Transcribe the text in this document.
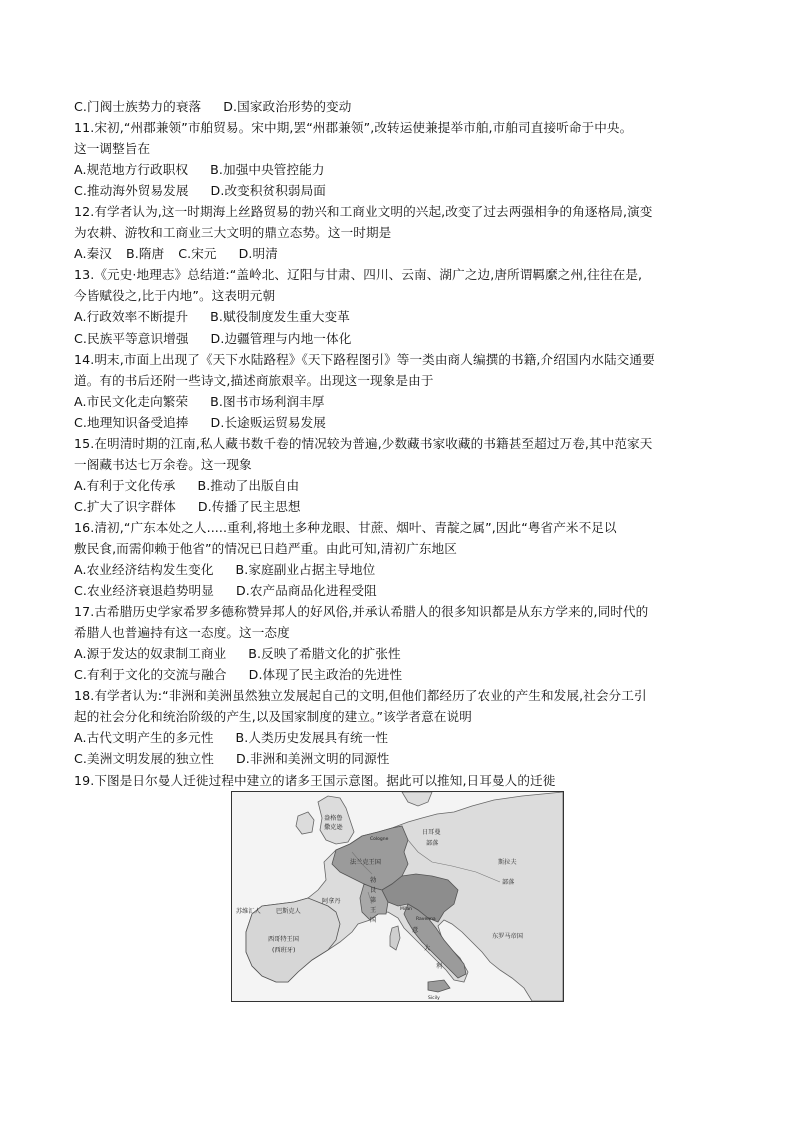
C.门阀士族势力的衰落 D.国家政治形势的变动
11.宋初,“州郡兼领”市舶贸易。宋中期,罢“州郡兼领”,改转运使兼提举市舶,市舶司直接听命于中央。
这一调整旨在
A.规范地方行政职权 B.加强中央管控能力
C.推动海外贸易发展 D.改变积贫积弱局面
12.有学者认为,这一时期海上丝路贸易的勃兴和工商业文明的兴起,改变了过去两强相争的角逐格局,演变
为农耕、游牧和工商业三大文明的鼎立态势。这一时期是
A.秦汉 B.隋唐 C.宋元 D.明清
13.《元史·地理志》总结道:“盖岭北、辽阳与甘肃、四川、云南、湖广之边,唐所谓羁縻之州,往往在是,
今皆赋役之,比于内地”。这表明元朝
A.行政效率不断提升 B.赋役制度发生重大变革
C.民族平等意识增强 D.边疆管理与内地一体化
14.明末,市面上出现了《天下水陆路程》《天下路程图引》等一类由商人编撰的书籍,介绍国内水陆交通要
道。有的书后还附一些诗文,描述商旅艰辛。出现这一现象是由于
A.市民文化走向繁荣 B.图书市场利润丰厚
C.地理知识备受追捧 D.长途贩运贸易发展
15.在明清时期的江南,私人藏书数千卷的情况较为普遍,少数藏书家收藏的书籍甚至超过万卷,其中范家天
一阁藏书达七万余卷。这一现象
A.有利于文化传承 B.推动了出版自由
C.扩大了识字群体 D.传播了民主思想
16.清初,“广东本处之人.....重利,将地土多种龙眼、甘蔗、烟叶、青靛之属”,因此“粤省产米不足以
敷民食,而需仰赖于他省”的情况已日趋严重。由此可知,清初广东地区
A.农业经济结构发生变化 B.家庭副业占据主导地位
C.农业经济衰退趋势明显 D.农产品商品化进程受阻
17.古希腊历史学家希罗多德称赞异邦人的好风俗,并承认希腊人的很多知识都是从东方学来的,同时代的
希腊人也普遍持有这一态度。这一态度
A.源于发达的奴隶制工商业 B.反映了希腊文化的扩张性
C.有利于文化的交流与融合 D.体现了民主政治的先进性
18.有学者认为:“非洲和美洲虽然独立发展起自己的文明,但他们都经历了农业的产生和发展,社会分工引
起的社会分化和统治阶级的产生,以及国家制度的建立。”该学者意在说明
A.古代文明产生的多元性 B.人类历史发展具有统一性
C.美洲文明发展的独立性 D.非洲和美洲文明的同源性
19.下图是日尔曼人迁徙过程中建立的诸多王国示意图。据此可以推知,日耳曼人的迁徙
盎格鲁
撒克逊
Cologne
法兰克王国
日耳曼
部落
斯拉夫
部落
勃
艮
第
王
国
阿拿丹
Milan
Ravenna
意
大
利
苏维汇人 巴斯克人
西哥特王国
(西班牙)
东罗马帝国
Sicily
